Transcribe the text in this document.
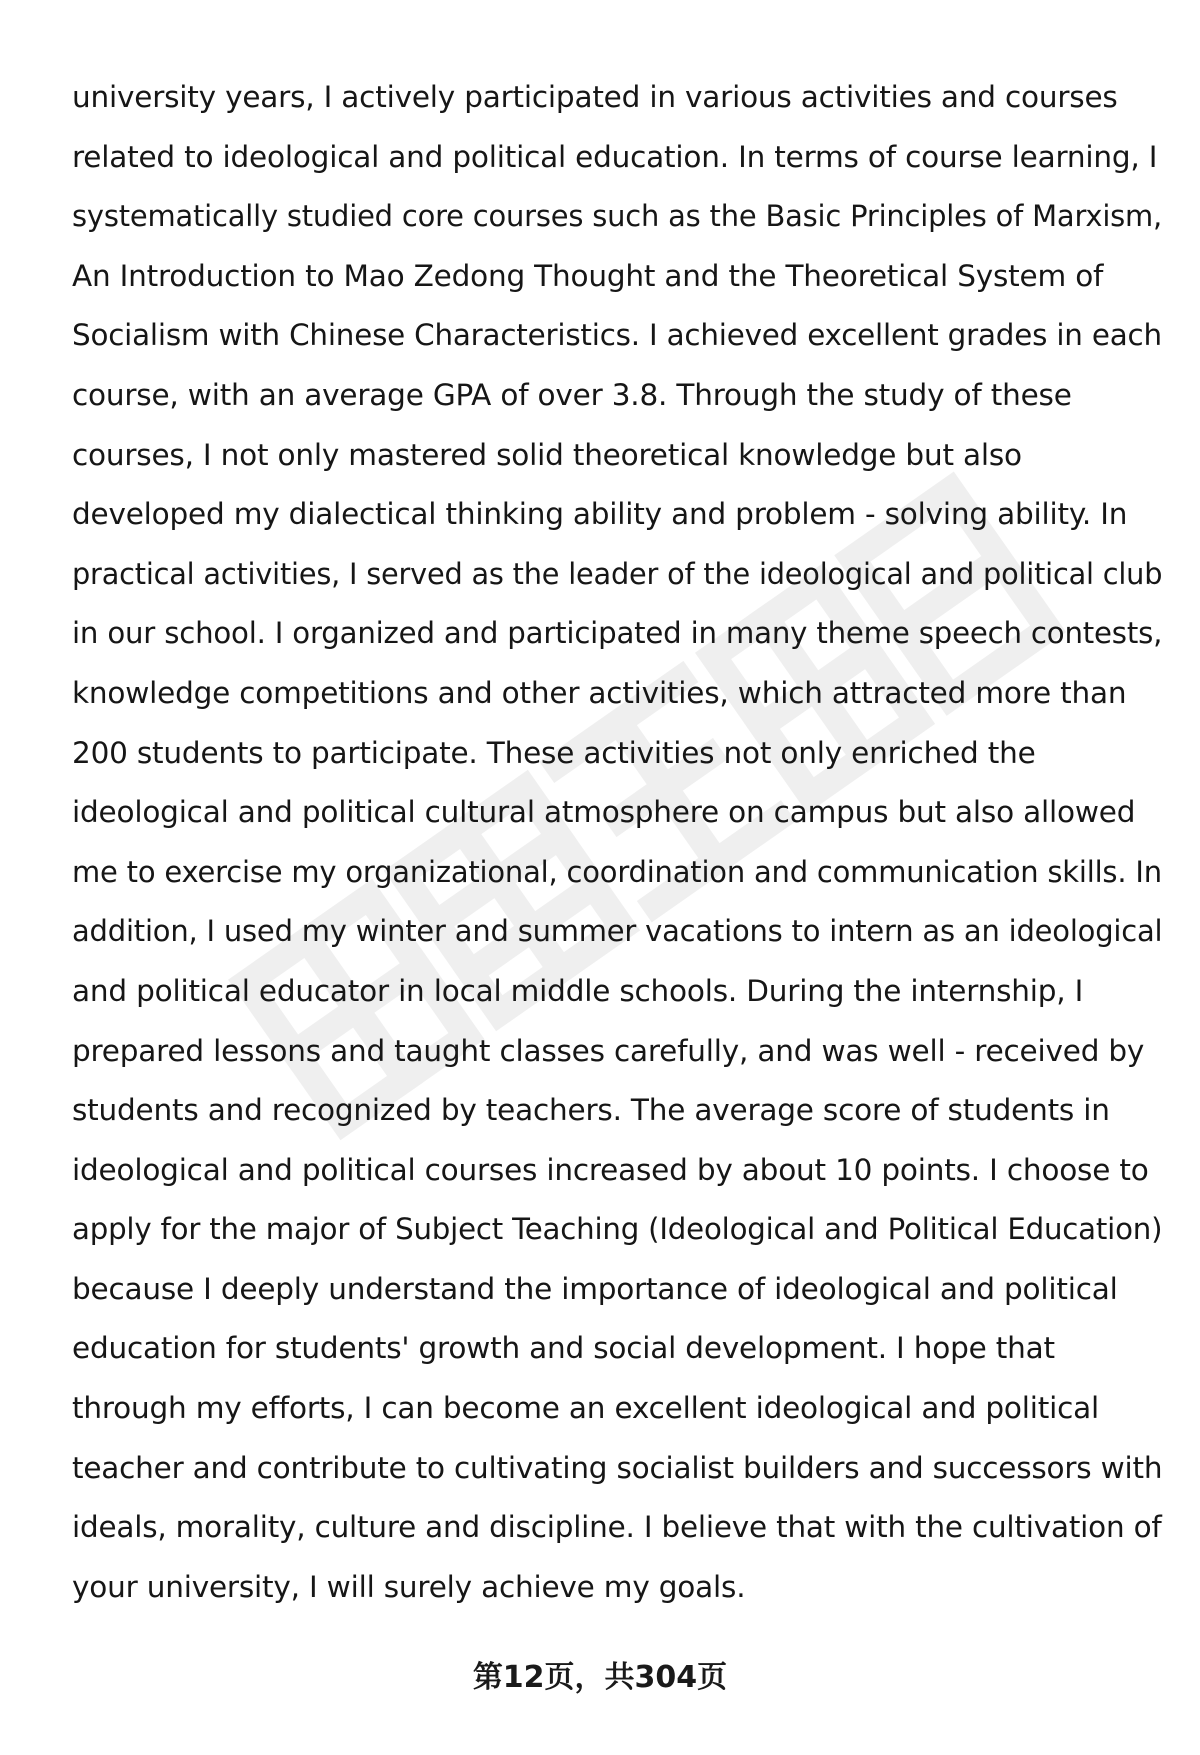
university years, I actively participated in various activities and courses
related to ideological and political education. In terms of course learning, I
systematically studied core courses such as the Basic Principles of Marxism,
An Introduction to Mao Zedong Thought and the Theoretical System of
Socialism with Chinese Characteristics. I achieved excellent grades in each
course, with an average GPA of over 3.8. Through the study of these
courses, I not only mastered solid theoretical knowledge but also
developed my dialectical thinking ability and problem - solving ability. In
practical activities, I served as the leader of the ideological and political club
in our school. I organized and participated in many theme speech contests,
knowledge competitions and other activities, which attracted more than
200 students to participate. These activities not only enriched the
ideological and political cultural atmosphere on campus but also allowed
me to exercise my organizational, coordination and communication skills. In
addition, I used my winter and summer vacations to intern as an ideological
and political educator in local middle schools. During the internship, I
prepared lessons and taught classes carefully, and was well - received by
students and recognized by teachers. The average score of students in
ideological and political courses increased by about 10 points. I choose to
apply for the major of Subject Teaching (Ideological and Political Education)
because I deeply understand the importance of ideological and political
education for students' growth and social development. I hope that
through my efforts, I can become an excellent ideological and political
teacher and contribute to cultivating socialist builders and successors with
ideals, morality, culture and discipline. I believe that with the cultivation of
your university, I will surely achieve my goals.
第12页，共304页
